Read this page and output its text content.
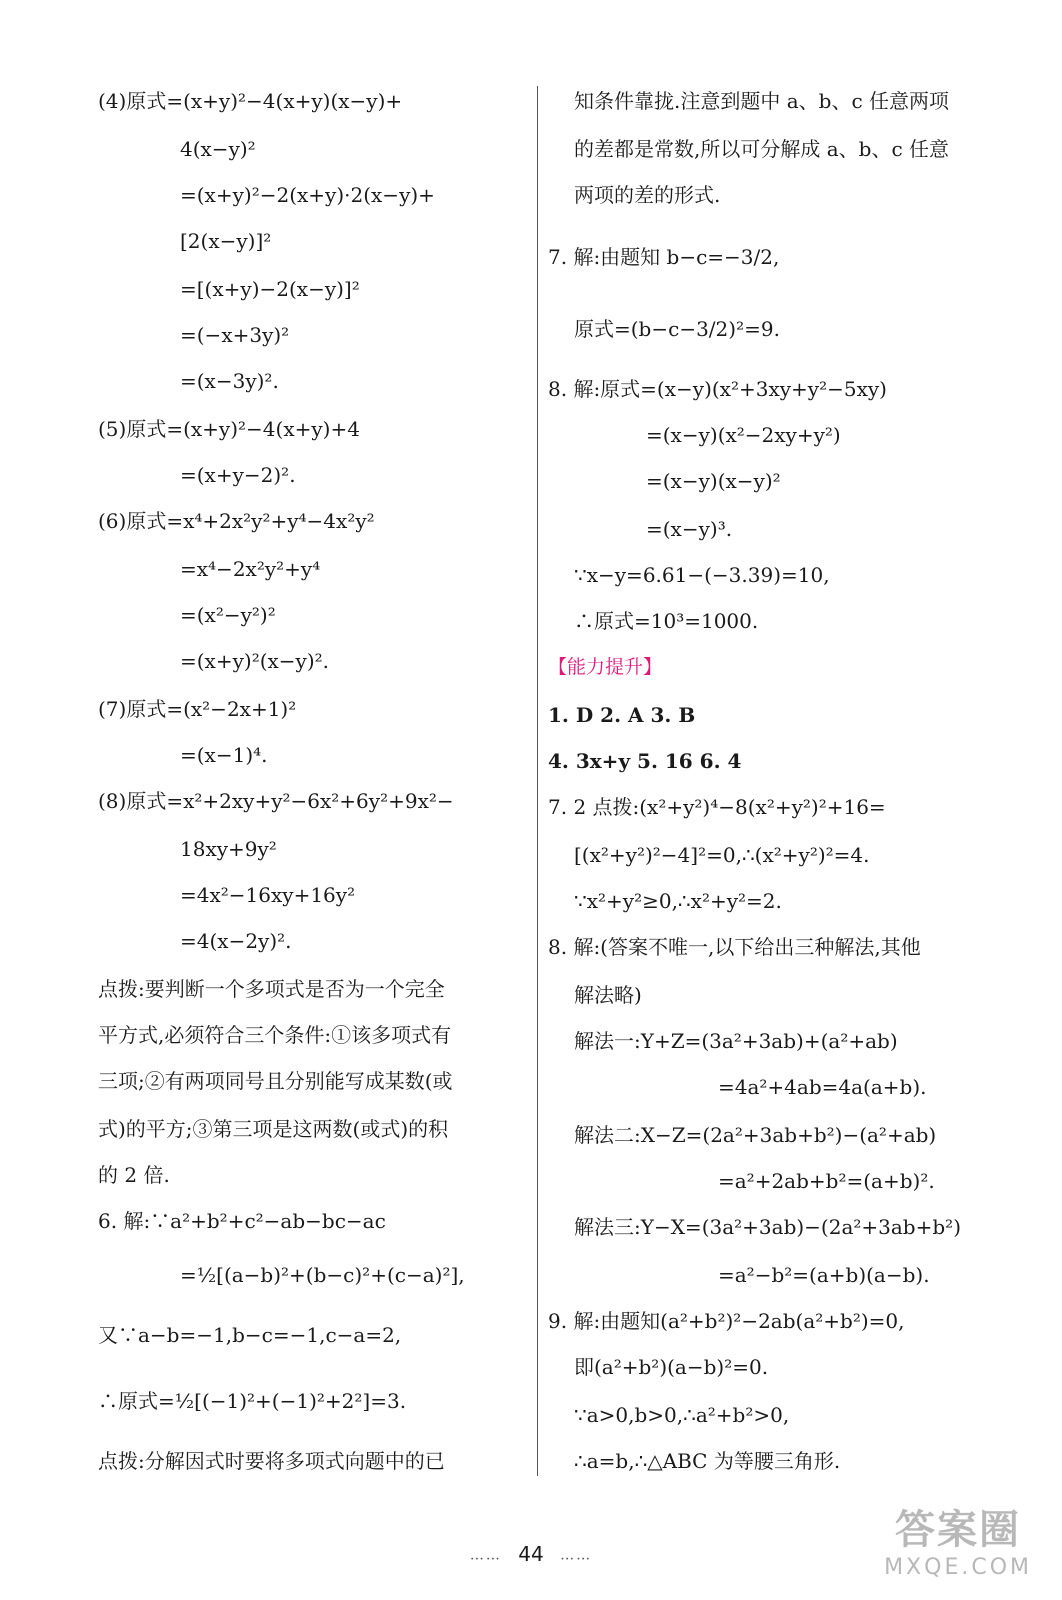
(4)原式=(x+y)²−4(x+y)(x−y)+
4(x−y)²
=(x+y)²−2(x+y)·2(x−y)+
[2(x−y)]²
=[(x+y)−2(x−y)]²
=(−x+3y)²
=(x−3y)².
(5)原式=(x+y)²−4(x+y)+4
=(x+y−2)².
(6)原式=x⁴+2x²y²+y⁴−4x²y²
=x⁴−2x²y²+y⁴
=(x²−y²)²
=(x+y)²(x−y)².
(7)原式=(x²−2x+1)²
=(x−1)⁴.
(8)原式=x²+2xy+y²−6x²+6y²+9x²−
18xy+9y²
=4x²−16xy+16y²
=4(x−2y)².
点拨:要判断一个多项式是否为一个完全
平方式,必须符合三个条件:①该多项式有
三项;②有两项同号且分别能写成某数(或
式)的平方;③第三项是这两数(或式)的积
的 2 倍.
6. 解:∵a²+b²+c²−ab−bc−ac
=½[(a−b)²+(b−c)²+(c−a)²],
又∵a−b=−1,b−c=−1,c−a=2,
∴原式=½[(−1)²+(−1)²+2²]=3.
点拨:分解因式时要将多项式向题中的已
知条件靠拢.注意到题中 a、b、c 任意两项
的差都是常数,所以可分解成 a、b、c 任意
两项的差的形式.
7. 解:由题知 b−c=−3/2,
原式=(b−c−3/2)²=9.
8. 解:原式=(x−y)(x²+3xy+y²−5xy)
=(x−y)(x²−2xy+y²)
=(x−y)(x−y)²
=(x−y)³.
∵x−y=6.61−(−3.39)=10,
∴原式=10³=1000.
【能力提升】
1. D 2. A 3. B
4. 3x+y 5. 16 6. 4
7. 2 点拨:(x²+y²)⁴−8(x²+y²)²+16=
[(x²+y²)²−4]²=0,∴(x²+y²)²=4.
∵x²+y²≥0,∴x²+y²=2.
8. 解:(答案不唯一,以下给出三种解法,其他
解法略)
解法一:Y+Z=(3a²+3ab)+(a²+ab)
=4a²+4ab=4a(a+b).
解法二:X−Z=(2a²+3ab+b²)−(a²+ab)
=a²+2ab+b²=(a+b)².
解法三:Y−X=(3a²+3ab)−(2a²+3ab+b²)
=a²−b²=(a+b)(a−b).
9. 解:由题知(a²+b²)²−2ab(a²+b²)=0,
即(a²+b²)(a−b)²=0.
∵a>0,b>0,∴a²+b²>0,
∴a=b,∴△ABC 为等腰三角形.
…… 44 ……
答案圈
MXQE.COM
